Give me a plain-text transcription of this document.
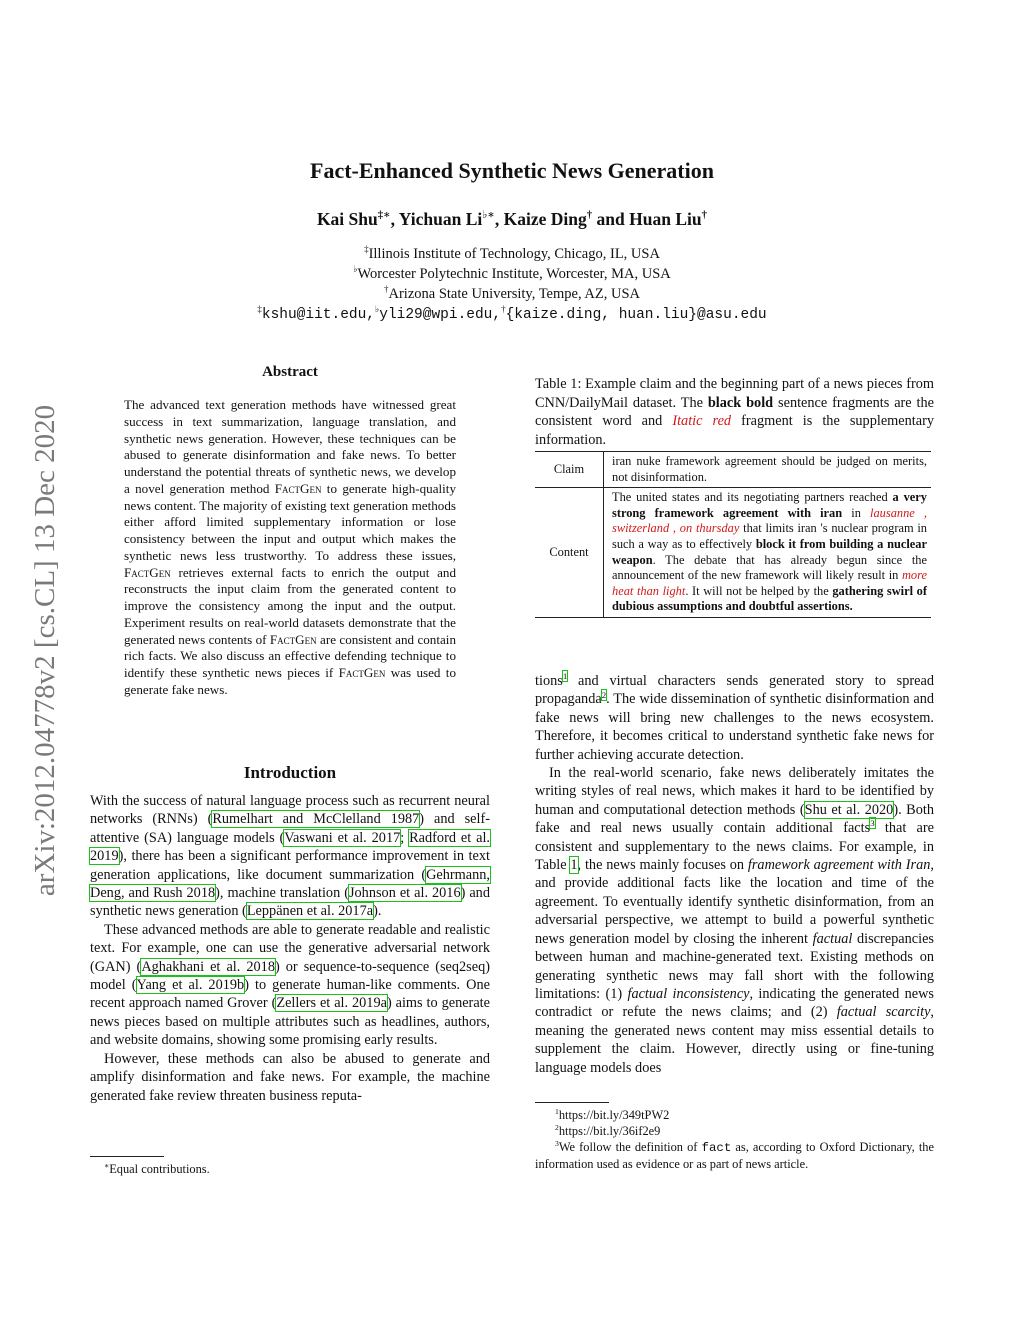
arXiv:2012.04778v2 [cs.CL] 13 Dec 2020
Fact-Enhanced Synthetic News Generation
Kai Shu‡∗, Yichuan Li♭∗, Kaize Ding† and Huan Liu†
‡Illinois Institute of Technology, Chicago, IL, USA
♭Worcester Polytechnic Institute, Worcester, MA, USA
†Arizona State University, Tempe, AZ, USA
‡kshu@iit.edu,♭yli29@wpi.edu,†{kaize.ding, huan.liu}@asu.edu
Abstract
The advanced text generation methods have witnessed great success in text summarization, language translation, and synthetic news generation. However, these techniques can be abused to generate disinformation and fake news. To better understand the potential threats of synthetic news, we develop a novel generation method FactGen to generate high-quality news content. The majority of existing text generation methods either afford limited supplementary information or lose consistency between the input and output which makes the synthetic news less trustworthy. To address these issues, FactGen retrieves external facts to enrich the output and reconstructs the input claim from the generated content to improve the consistency among the input and the output. Experiment results on real-world datasets demonstrate that the generated news contents of FactGen are consistent and contain rich facts. We also discuss an effective defending technique to identify these synthetic news pieces if FactGen was used to generate fake news.
Introduction

With the success of natural language process such as recurrent neural networks (RNNs) (Rumelhart and McClelland 1987) and self-attentive (SA) language models (Vaswani et al. 2017; Radford et al. 2019), there has been a significant performance improvement in text generation applications, like document summarization (Gehrmann, Deng, and Rush 2018), machine translation (Johnson et al. 2016) and synthetic news generation (Leppänen et al. 2017a).

These advanced methods are able to generate readable and realistic text. For example, one can use the generative adversarial network (GAN) (Aghakhani et al. 2018) or sequence-to-sequence (seq2seq) model (Yang et al. 2019b) to generate human-like comments. One recent approach named Grover (Zellers et al. 2019a) aims to generate news pieces based on multiple attributes such as headlines, authors, and website domains, showing some promising early results.

However, these methods can also be abused to generate and amplify disinformation and fake news. For example, the machine generated fake review threaten business reputa-

∗Equal contributions.
Table 1: Example claim and the beginning part of a news pieces from CNN/DailyMail dataset. The black bold sentence fragments are the consistent word and Itatic red fragment is the supplementary information.
Claim	iran nuke framework agreement should be judged on merits, not disinformation.
Content	The united states and its negotiating partners reached a very strong framework agreement with iran in lausanne , switzerland , on thursday that limits iran 's nuclear program in such a way as to effectively block it from building a nuclear weapon. The debate that has already begun since the announcement of the new framework will likely result in more heat than light. It will not be helped by the gathering swirl of dubious assumptions and doubtful assertions.

tions$^1$ and virtual characters sends generated story to spread propaganda$^2$. The wide dissemination of synthetic disinformation and fake news will bring new challenges to the news ecosystem. Therefore, it becomes critical to understand synthetic fake news for further achieving accurate detection.

In the real-world scenario, fake news deliberately imitates the writing styles of real news, which makes it hard to be identified by human and computational detection methods (Shu et al. 2020). Both fake and real news usually contain additional facts$^3$ that are consistent and supplementary to the news claims. For example, in Table 1, the news mainly focuses on framework agreement with Iran, and provide additional facts like the location and time of the agreement. To eventually identify synthetic disinformation, from an adversarial perspective, we attempt to build a powerful synthetic news generation model by closing the inherent factual discrepancies between human and machine-generated text. Existing methods on generating synthetic news may fall short with the following limitations: (1) factual inconsistency, indicating the generated news contradict or refute the news claims; and (2) factual scarcity, meaning the generated news content may miss essential details to supplement the claim. However, directly using or fine-tuning language models does

$^1$https://bit.ly/349tPW2

$^2$https://bit.ly/36if2e9

$^3$We follow the definition of fact as, according to Oxford Dictionary, the information used as evidence or as part of news article.
